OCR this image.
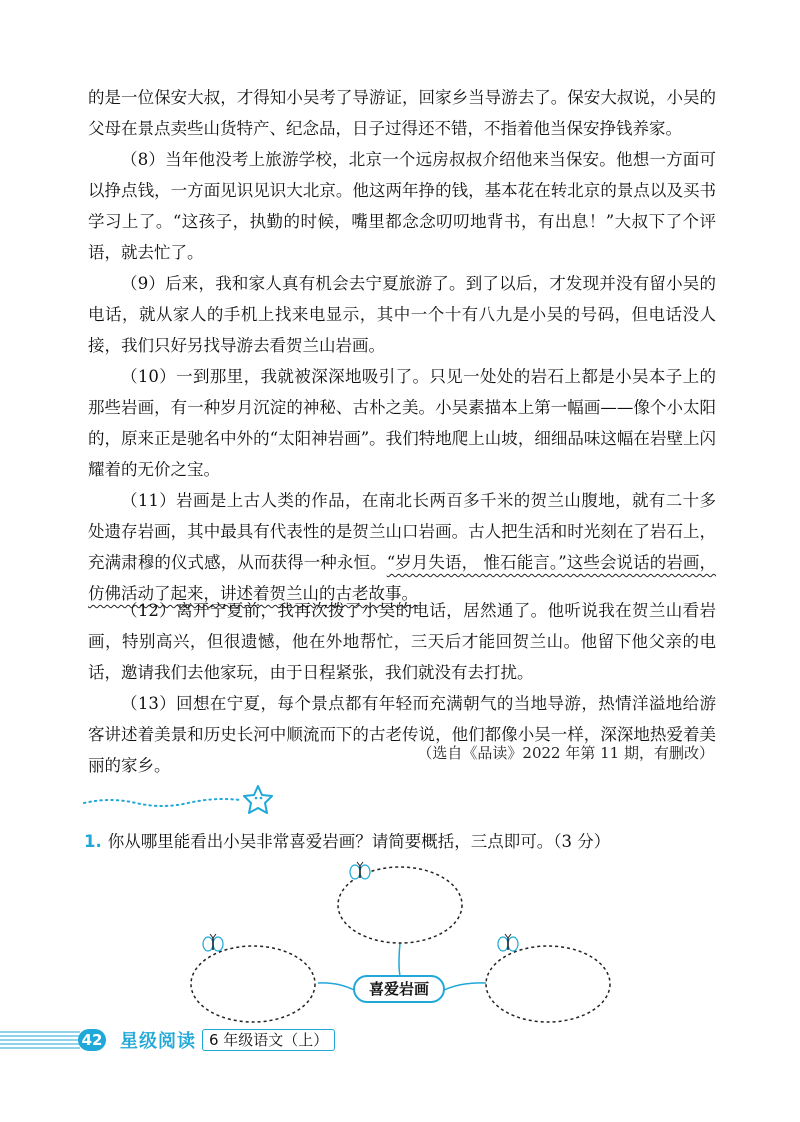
的是一位保安大叔，才得知小吴考了导游证，回家乡当导游去了。保安大叔说，小吴的父母在景点卖些山货特产、纪念品，日子过得还不错，不指着他当保安挣钱养家。

（8）当年他没考上旅游学校，北京一个远房叔叔介绍他来当保安。他想一方面可以挣点钱，一方面见识见识大北京。他这两年挣的钱，基本花在转北京的景点以及买书学习上了。“这孩子，执勤的时候，嘴里都念念叨叨地背书，有出息！”大叔下了个评语，就去忙了。

（9）后来，我和家人真有机会去宁夏旅游了。到了以后，才发现并没有留小吴的电话，就从家人的手机上找来电显示，其中一个十有八九是小吴的号码，但电话没人接，我们只好另找导游去看贺兰山岩画。

（10）一到那里，我就被深深地吸引了。只见一处处的岩石上都是小吴本子上的那些岩画，有一种岁月沉淀的神秘、古朴之美。小吴素描本上第一幅画——像个小太阳的，原来正是驰名中外的“太阳神岩画”。我们特地爬上山坡，细细品味这幅在岩壁上闪耀着的无价之宝。

（11）岩画是上古人类的作品，在南北长两百多千米的贺兰山腹地，就有二十多处遗存岩画，其中最具有代表性的是贺兰山口岩画。古人把生活和时光刻在了岩石上，充满肃穆的仪式感，从而获得一种永恒。“岁月失语， 惟石能言。”这些会说话的岩画，仿佛活动了起来，讲述着贺兰山的古老故事。

（12）离开宁夏前，我再次拨了小吴的电话，居然通了。他听说我在贺兰山看岩画，特别高兴，但很遗憾，他在外地帮忙，三天后才能回贺兰山。他留下他父亲的电话，邀请我们去他家玩，由于日程紧张，我们就没有去打扰。

（13）回想在宁夏，每个景点都有年轻而充满朝气的当地导游，热情洋溢地给游客讲述着美景和历史长河中顺流而下的古老传说，他们都像小吴一样，深深地热爱着美丽的家乡。

（选自《品读》2022 年第 11 期，有删改）
1. 你从哪里能看出小吴非常喜爱岩画？请简要概括，三点即可。（3 分）
喜爱岩画
42 星级阅读 6 年级语文（上）
